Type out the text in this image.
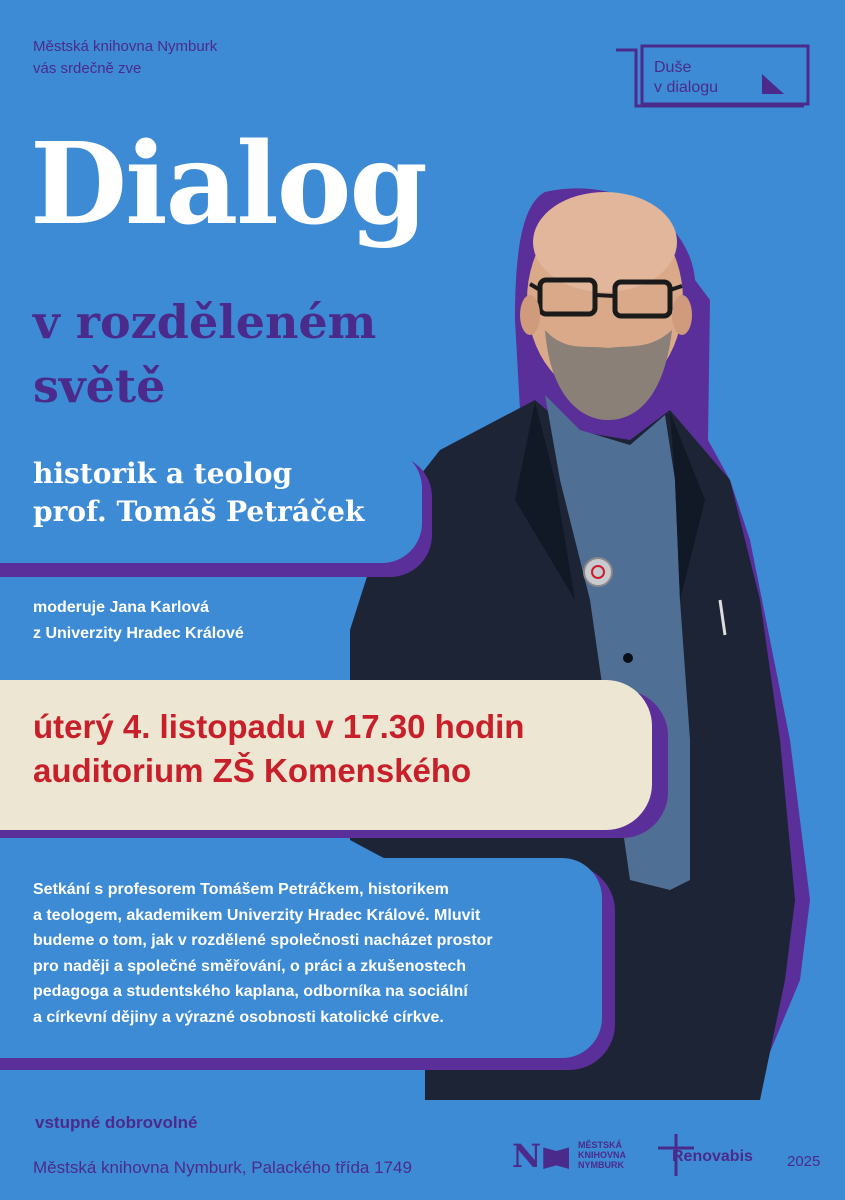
Městská knihovna Nymburk
vás srdečně zve	Duše
v dialogu
Dialog
v rozděleném
světě
historik a teolog
prof. Tomáš Petráček
moderuje Jana Karlová
z Univerzity Hradec Králové
úterý 4. listopadu v 17.30 hodin
auditorium ZŠ Komenského
Setkání s profesorem Tomášem Petráčkem, historikem
a teologem, akademikem Univerzity Hradec Králové. Mluvit
budeme o tom, jak v rozdělené společnosti nacházet prostor
pro naději a společné směřování, o práci a zkušenostech
pedagoga a studentského kaplana, odborníka na sociální
a církevní dějiny a výrazné osobnosti katolické církve.
vstupné dobrovolné
Městská knihovna Nymburk, Palackého třída 1749	N	MĚSTSKÁ
KNIHOVNA
NYMBURK	Renovabis 2025
